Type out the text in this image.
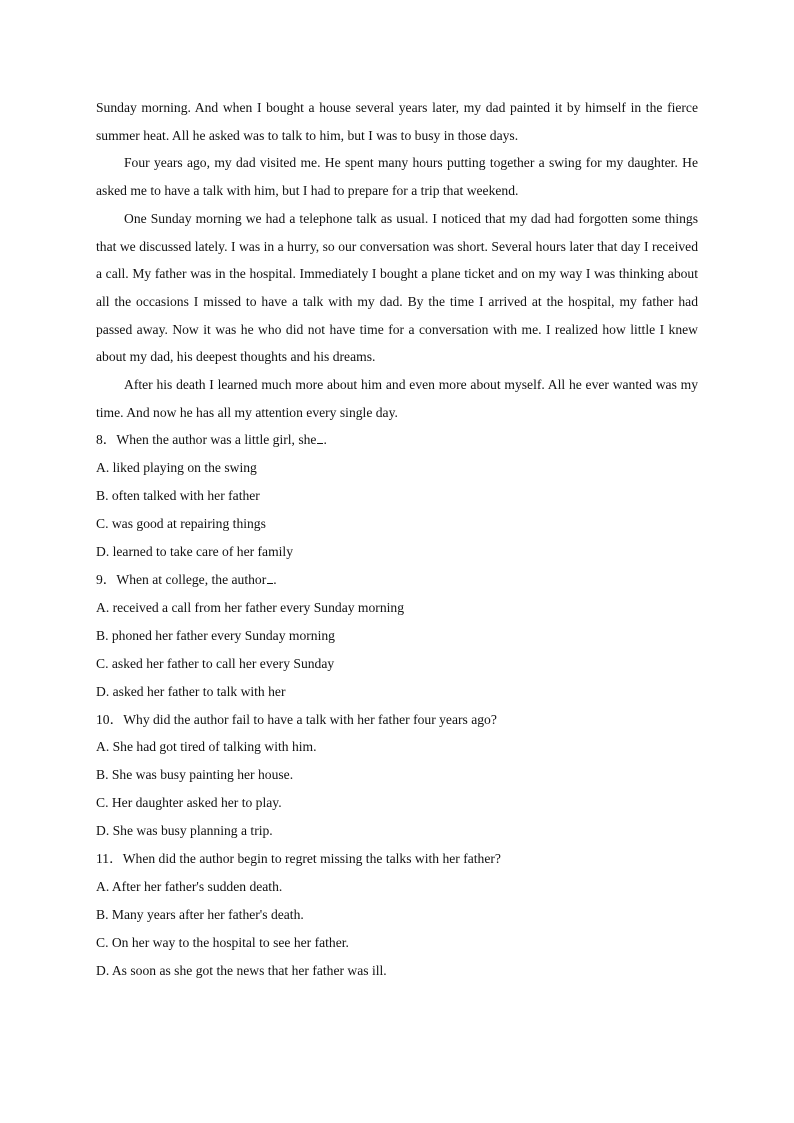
Sunday morning. And when I bought a house several years later, my dad painted it by himself in the fierce summer heat. All he asked was to talk to him, but I was to busy in those days.

Four years ago, my dad visited me. He spent many hours putting together a swing for my daughter. He asked me to have a talk with him, but I had to prepare for a trip that weekend.

One Sunday morning we had a telephone talk as usual. I noticed that my dad had forgotten some things that we discussed lately. I was in a hurry, so our conversation was short. Several hours later that day I received a call. My father was in the hospital. Immediately I bought a plane ticket and on my way I was thinking about all the occasions I missed to have a talk with my dad. By the time I arrived at the hospital, my father had passed away. Now it was he who did not have time for a conversation with me. I realized how little I knew about my dad, his deepest thoughts and his dreams.

After his death I learned much more about him and even more about myself. All he ever wanted was my time. And now he has all my attention every single day.

8．When the author was a little girl, she .
A. liked playing on the swing
B. often talked with her father
C. was good at repairing things
D. learned to take care of her family
9．When at college, the author .
A. received a call from her father every Sunday morning
B. phoned her father every Sunday morning
C. asked her father to call her every Sunday
D. asked her father to talk with her
10．Why did the author fail to have a talk with her father four years ago?
A. She had got tired of talking with him.
B. She was busy painting her house.
C. Her daughter asked her to play.
D. She was busy planning a trip.
11．When did the author begin to regret missing the talks with her father?
A. After her father's sudden death.
B. Many years after her father's death.
C. On her way to the hospital to see her father.
D. As soon as she got the news that her father was ill.
